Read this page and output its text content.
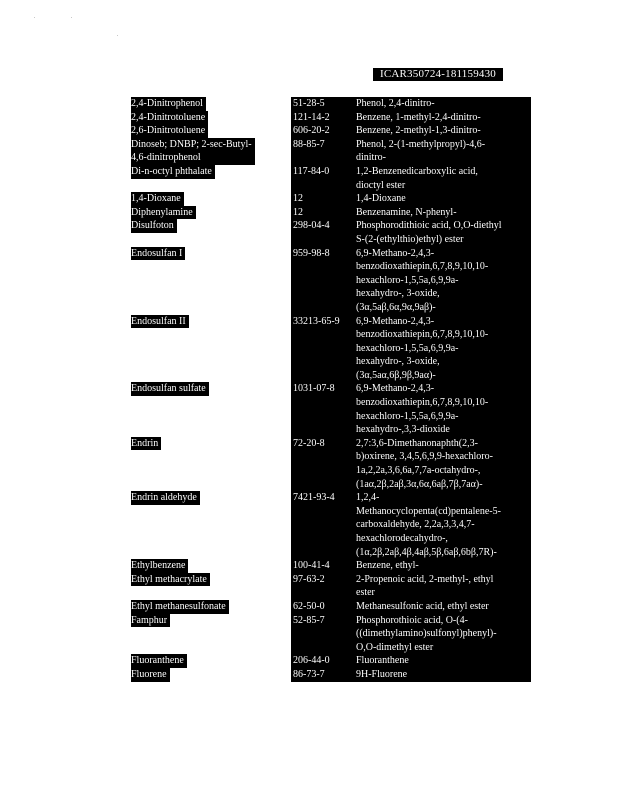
ICAR350724-181159430
2,4-Dinitrophenol	51-28-5	Phenol, 2,4-dinitro-
2,4-Dinitrotoluene	121-14-2	Benzene, 1-methyl-2,4-dinitro-
2,6-Dinitrotoluene	606-20-2	Benzene, 2-methyl-1,3-dinitro-
Dinoseb; DNBP; 2-sec-Butyl-
4,6-dinitrophenol
88-85-7	Phenol, 2-(1-methylpropyl)-4,6-
dinitro-
Di-n-octyl phthalate	117-84-0	1,2-Benzenedicarboxylic acid,
dioctyl ester
1,4-Dioxane	12	1,4-Dioxane
Diphenylamine	12	Benzenamine, N-phenyl-
Disulfoton	298-04-4	Phosphorodithioic acid, O,O-diethyl
S-(2-(ethylthio)ethyl) ester
Endosulfan I	959-98-8	6,9-Methano-2,4,3-
benzodioxathiepin,6,7,8,9,10,10-
hexachloro-1,5,5a,6,9,9a-
hexahydro-, 3-oxide,
(3α,5aβ,6α,9α,9aβ)-
Endosulfan II	33213-65-9	6,9-Methano-2,4,3-
benzodioxathiepin,6,7,8,9,10,10-
hexachloro-1,5,5a,6,9,9a-
hexahydro-, 3-oxide,
(3α,5aα,6β,9β,9aα)-
Endosulfan sulfate	1031-07-8	6,9-Methano-2,4,3-
benzodioxathiepin,6,7,8,9,10,10-
hexachloro-1,5,5a,6,9,9a-
hexahydro-,3,3-dioxide
Endrin	72-20-8	2,7:3,6-Dimethanonaphth(2,3-
b)oxirene, 3,4,5,6,9,9-hexachloro-
1a,2,2a,3,6,6a,7,7a-octahydro-,
(1aα,2β,2aβ,3α,6α,6aβ,7β,7aα)-
Endrin aldehyde	7421-93-4	1,2,4-
Methanocyclopenta(cd)pentalene-5-
carboxaldehyde, 2,2a,3,3,4,7-
hexachlorodecahydro-,
(1α,2β,2aβ,4β,4aβ,5β,6aβ,6bβ,7R)-
Ethylbenzene	100-41-4	Benzene, ethyl-
Ethyl methacrylate	97-63-2	2-Propenoic acid, 2-methyl-, ethyl
ester
Ethyl methanesulfonate	62-50-0	Methanesulfonic acid, ethyl ester
Famphur	52-85-7	Phosphorothioic acid, O-(4-
((dimethylamino)sulfonyl)phenyl)-
O,O-dimethyl ester
Fluoranthene	206-44-0	Fluoranthene
Fluorene	86-73-7	9H-Fluorene
